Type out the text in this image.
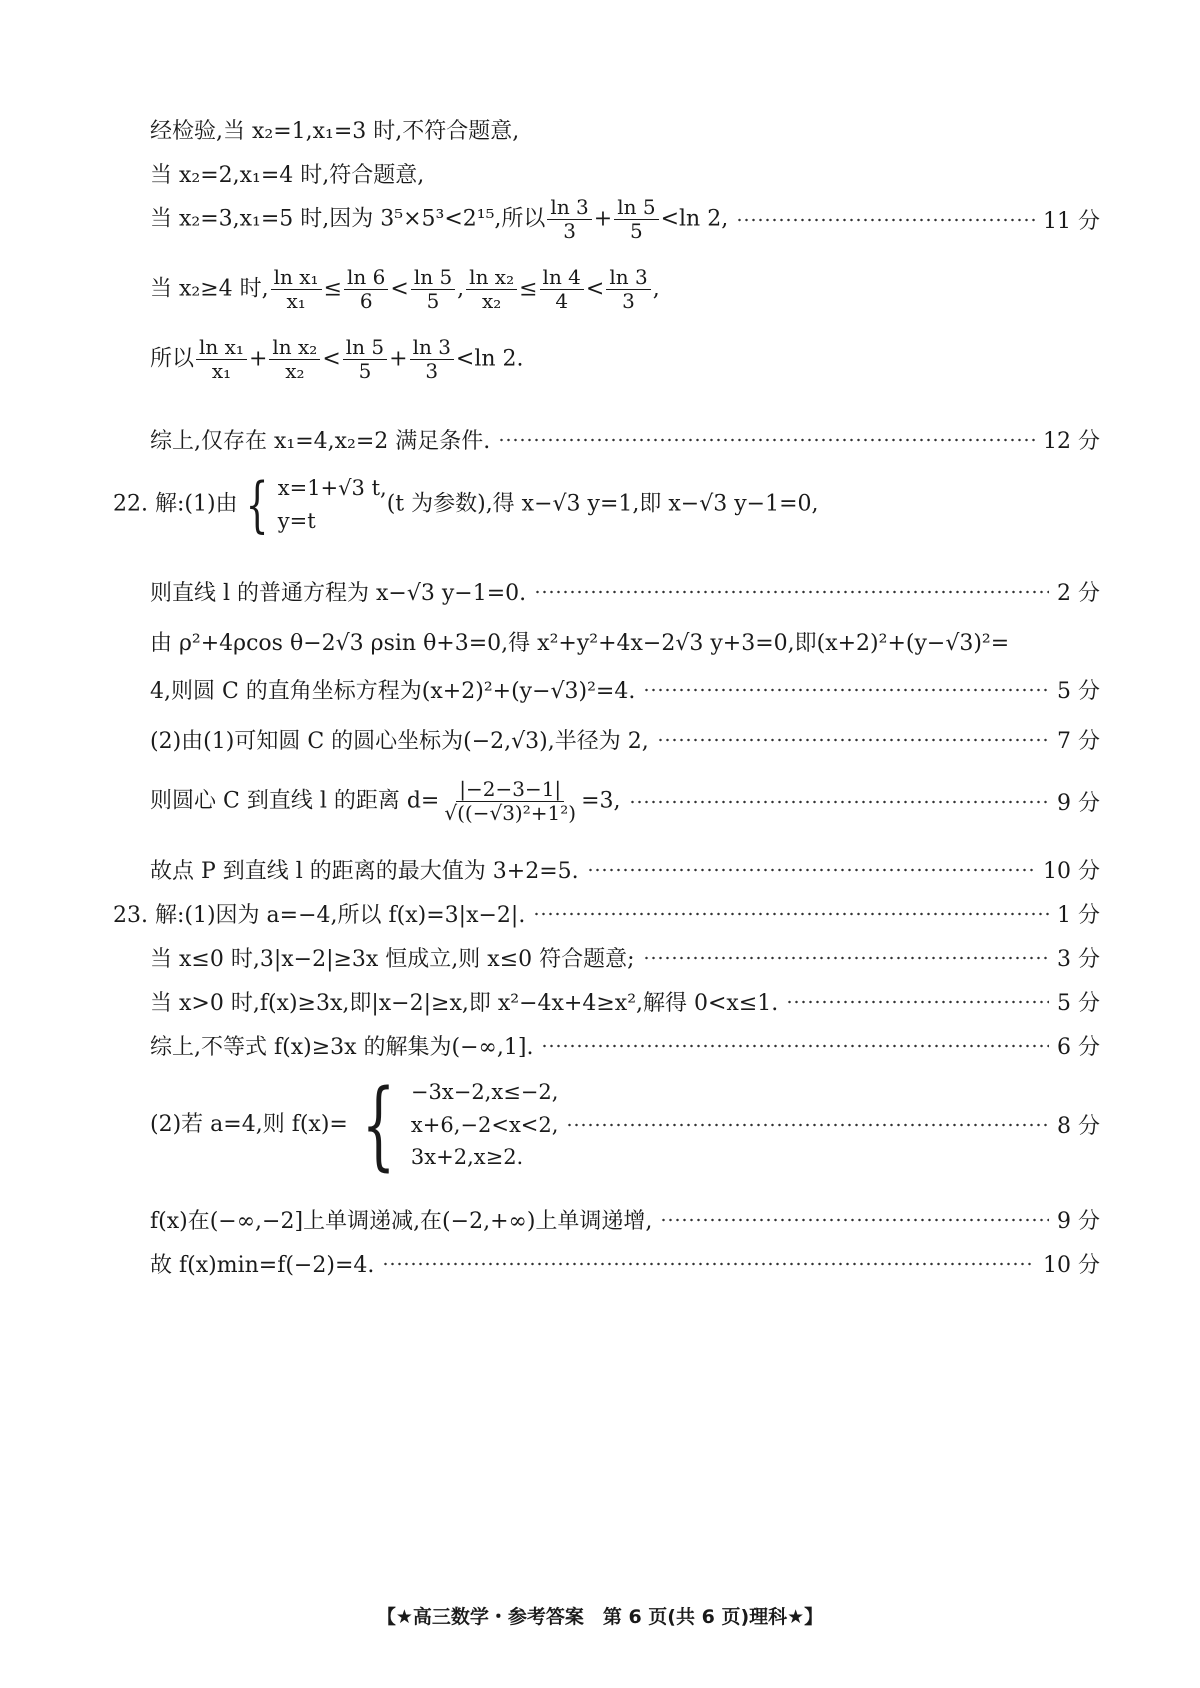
经检验,当 x₂=1,x₁=3 时,不符合题意,
当 x₂=2,x₁=4 时,符合题意,
当 x₂=3,x₁=5 时,因为 3⁵×5³<2¹⁵,所以 $\frac{\ln 3}{3} + \frac{\ln 5}{5} <\ln$ 2,	11 分
当 x₂≥4 时, $\frac{\text{ln x₁}}{\text{x₁}} \le \frac{\ln 6}{6} < \frac{\ln 5}{5}$ , $\frac{\text{ln x₂}}{\text{x₂}} \le \frac{\ln 4}{4} < \frac{\ln 3}{3}$ ,
所以 $\frac{\text{ln x₁}}{\text{x₁}} + \frac{\text{ln x₂}}{\text{x₂}} < \frac{\ln 5}{5} + \frac{\ln 3}{3} <\ln$ 2.
综上,仅存在 x₁=4,x₂=2 满足条件.	12 分
22. 解:(1)由 { x=1+√3 t,
y=t
(t 为参数),得 x−√3 y=1,即 x−√3 y−1=0,
则直线 l 的普通方程为 x−√3 y−1=0.	2 分
由 ρ²+4ρcos θ−2√3 ρsin θ+3=0,得 x²+y²+4x−2√3 y+3=0,即(x+2)²+(y−√3)²=
4,则圆 C 的直角坐标方程为(x+2)²+(y−√3)²=4.	5 分
(2)由(1)可知圆 C 的圆心坐标为(−2,√3),半径为 2,	7 分
则圆心 C 到直线 l 的距离 $d= \frac{|-2-3-1|}{\text{√((−√3)²+1²)}} =3$,	9 分
故点 P 到直线 l 的距离的最大值为 3+2=5.	10 分
23. 解:(1)因为 a=−4,所以 f(x)=3|x−2|.	1 分
当 x≤0 时,3|x−2|≥3x 恒成立,则 x≤0 符合题意;	3 分
当 x>0 时,f(x)≥3x,即|x−2|≥x,即 x²−4x+4≥x²,解得 0<x≤1.	5 分
综上,不等式 f(x)≥3x 的解集为(−∞,1].	6 分
(2)若 a=4,则 f(x)= { −3x−2,x≤−2,
x+6,−2<x<2,
3x+2,x≥2.
8 分
f(x)在(−∞,−2]上单调递减,在(−2,+∞)上单调递增,	9 分
故 f(x)min=f(−2)=4.	10 分
【★高三数学・参考答案　第 6 页(共 6 页)理科★】
